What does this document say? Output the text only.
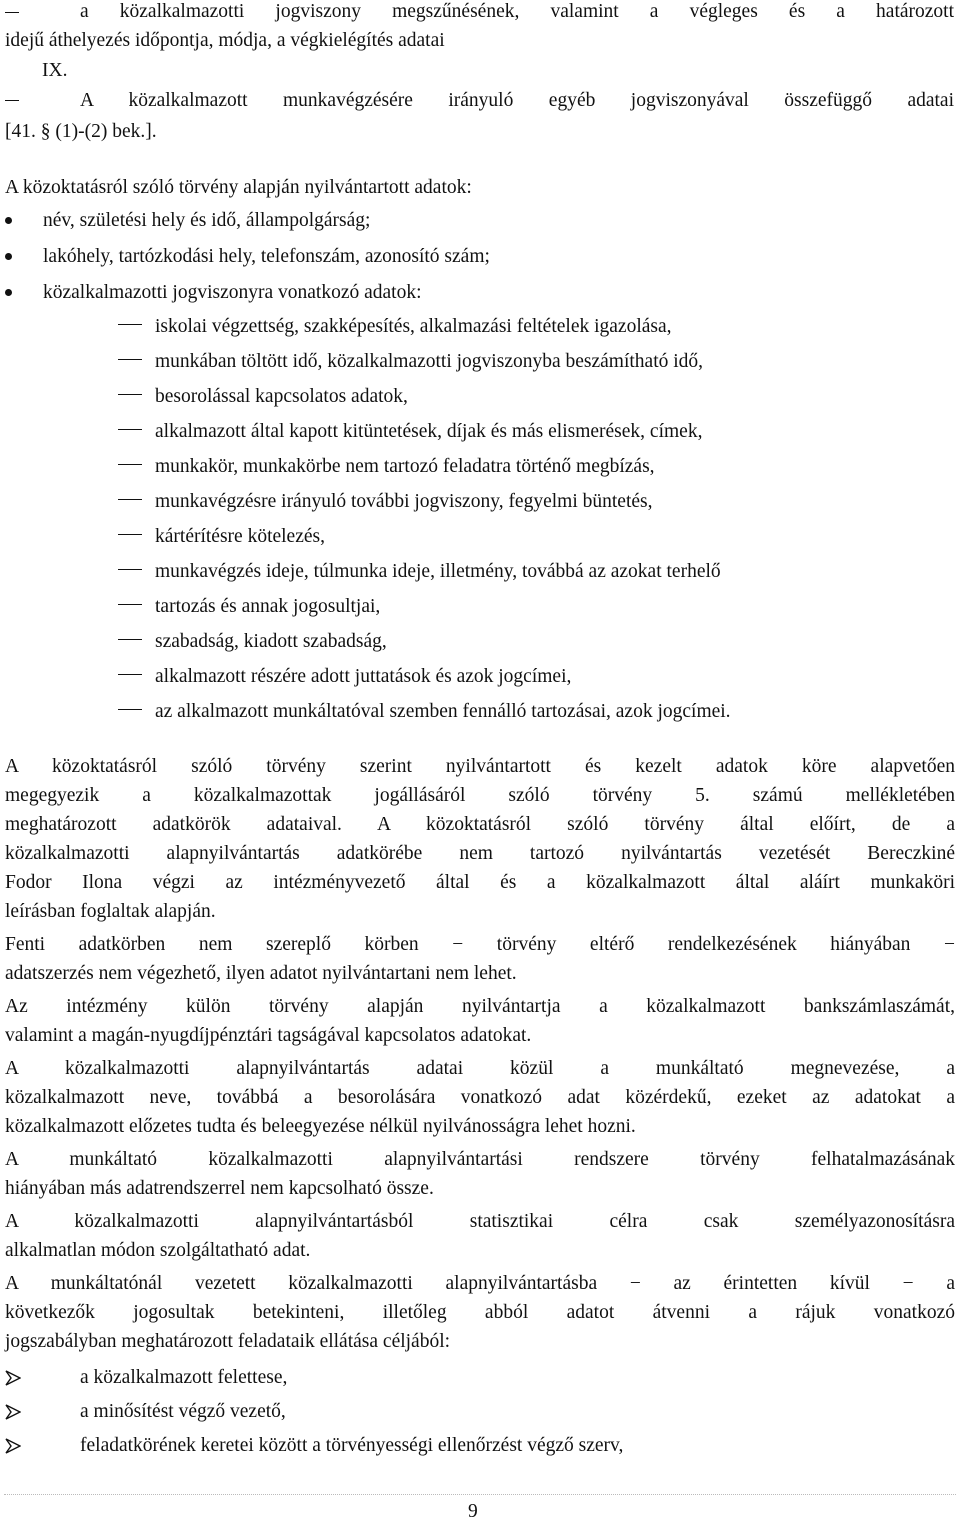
a közalkalmazotti jogviszony megszűnésének, valamint a végleges és a határozott
idejű áthelyezés időpontja, módja, a végkielégítés adatai
IX.
A közalkalmazott munkavégzésére irányuló egyéb jogviszonyával összefüggő adatai
[41. § (1)-(2) bek.].
A közoktatásról szóló törvény alapján nyilvántartott adatok:
név, születési hely és idő, állampolgárság;
lakóhely, tartózkodási hely, telefonszám, azonosító szám;
közalkalmazotti jogviszonyra vonatkozó adatok:
iskolai végzettség, szakképesítés, alkalmazási feltételek igazolása,
munkában töltött idő, közalkalmazotti jogviszonyba beszámítható idő,
besorolással kapcsolatos adatok,
alkalmazott által kapott kitüntetések, díjak és más elismerések, címek,
munkakör, munkakörbe nem tartozó feladatra történő megbízás,
munkavégzésre irányuló további jogviszony, fegyelmi büntetés,
kártérítésre kötelezés,
munkavégzés ideje, túlmunka ideje, illetmény, továbbá az azokat terhelő
tartozás és annak jogosultjai,
szabadság, kiadott szabadság,
alkalmazott részére adott juttatások és azok jogcímei,
az alkalmazott munkáltatóval szemben fennálló tartozásai, azok jogcímei.
A közoktatásról szóló törvény szerint nyilvántartott és kezelt adatok köre alapvetően
megegyezik a közalkalmazottak jogállásáról szóló törvény 5. számú mellékletében
meghatározott adatkörök adataival. A közoktatásról szóló törvény által előírt, de a
közalkalmazotti alapnyilvántartás adatkörébe nem tartozó nyilvántartás vezetését Bereczkiné
Fodor Ilona végzi az intézményvezető által és a közalkalmazott által aláírt munkaköri
leírásban foglaltak alapján.
Fenti adatkörben nem szereplő körben − törvény eltérő rendelkezésének hiányában −
adatszerzés nem végezhető, ilyen adatot nyilvántartani nem lehet.
Az intézmény külön törvény alapján nyilvántartja a közalkalmazott bankszámlaszámát,
valamint a magán-nyugdíjpénztári tagságával kapcsolatos adatokat.
A közalkalmazotti alapnyilvántartás adatai közül a munkáltató megnevezése, a
közalkalmazott neve, továbbá a besorolására vonatkozó adat közérdekű, ezeket az adatokat a
közalkalmazott előzetes tudta és beleegyezése nélkül nyilvánosságra lehet hozni.
A munkáltató közalkalmazotti alapnyilvántartási rendszere törvény felhatalmazásának
hiányában más adatrendszerrel nem kapcsolható össze.
A közalkalmazotti alapnyilvántartásból statisztikai célra csak személyazonosításra
alkalmatlan módon szolgáltatható adat.
A munkáltatónál vezetett közalkalmazotti alapnyilvántartásba − az érintetten kívül − a
következők jogosultak betekinteni, illetőleg abból adatot átvenni a rájuk vonatkozó
jogszabályban meghatározott feladataik ellátása céljából:
a közalkalmazott felettese,
a minősítést végző vezető,
feladatkörének keretei között a törvényességi ellenőrzést végző szerv,
9
